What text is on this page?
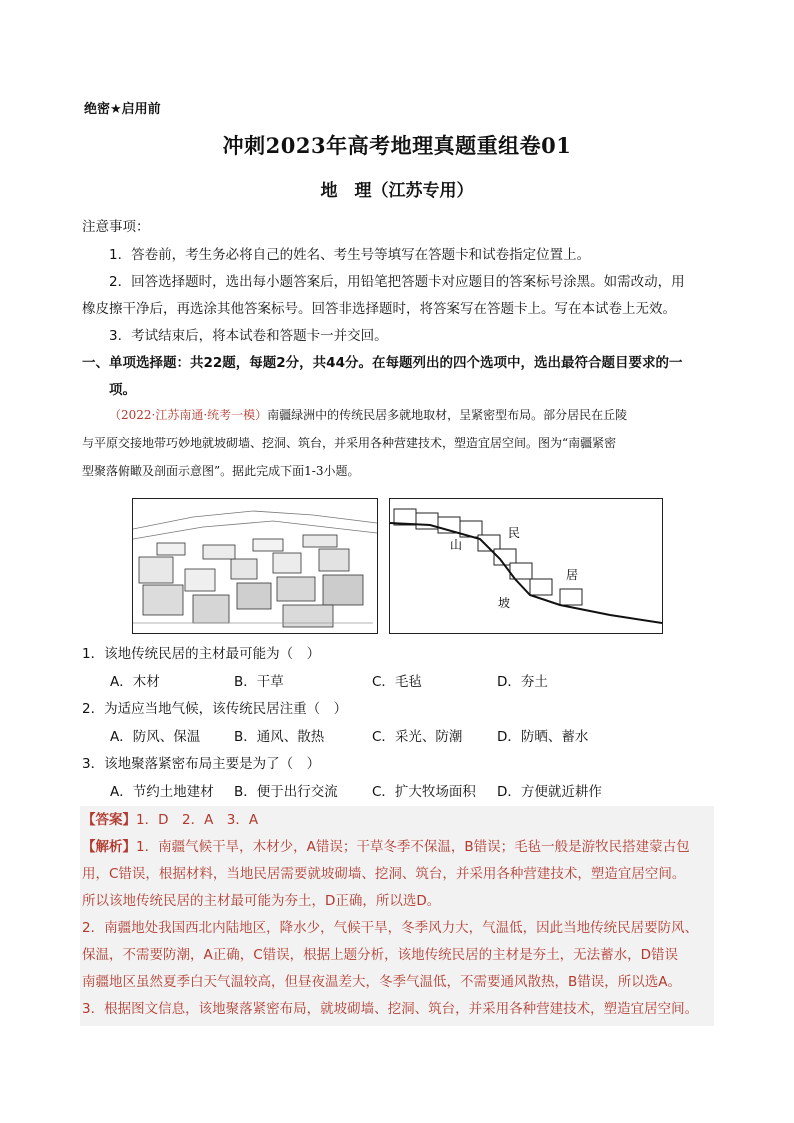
绝密★启用前
冲刺2023年高考地理真题重组卷01
地　理（江苏专用）
注意事项：
1．答卷前，考生务必将自己的姓名、考生号等填写在答题卡和试卷指定位置上。
2．回答选择题时，选出每小题答案后，用铅笔把答题卡对应题目的答案标号涂黑。如需改动，用
橡皮擦干净后，再选涂其他答案标号。回答非选择题时，将答案写在答题卡上。写在本试卷上无效。
3．考试结束后，将本试卷和答题卡一并交回。
一、单项选择题：共22题，每题2分，共44分。在每题列出的四个选项中，选出最符合题目要求的一
项。
（2022·江苏南通·统考一模）南疆绿洲中的传统民居多就地取材，呈紧密型布局。部分居民在丘陵
与平原交接地带巧妙地就坡砌墙、挖洞、筑台，并采用各种营建技术，塑造宜居空间。图为“南疆紧密
型聚落俯瞰及剖面示意图”。据此完成下面1-3小题。
山
坡
民
居
1．该地传统民居的主材最可能为（　）
A．木材	B．干草	C．毛毡	D．夯土
2．为适应当地气候，该传统民居注重（　）
A．防风、保温	B．通风、散热	C．采光、防潮	D．防晒、蓄水
3．该地聚落紧密布局主要是为了（　）
A．节约土地建材 B．便于出行交流	C．扩大牧场面积 D．方便就近耕作
【答案】1．D　2．A　3．A
【解析】1．南疆气候干旱，木材少，A错误；干草冬季不保温，B错误；毛毡一般是游牧民搭建蒙古包
用，C错误，根据材料，当地民居需要就坡砌墙、挖洞、筑台，并采用各种营建技术，塑造宜居空间。
所以该地传统民居的主材最可能为夯土，D正确，所以选D。
2．南疆地处我国西北内陆地区，降水少，气候干旱，冬季风力大，气温低，因此当地传统民居要防风、
保温，不需要防潮，A正确，C错误，根据上题分析，该地传统民居的主材是夯土，无法蓄水，D错误
南疆地区虽然夏季白天气温较高，但昼夜温差大，冬季气温低，不需要通风散热，B错误，所以选A。
3．根据图文信息，该地聚落紧密布局，就坡砌墙、挖洞、筑台，并采用各种营建技术，塑造宜居空间。
